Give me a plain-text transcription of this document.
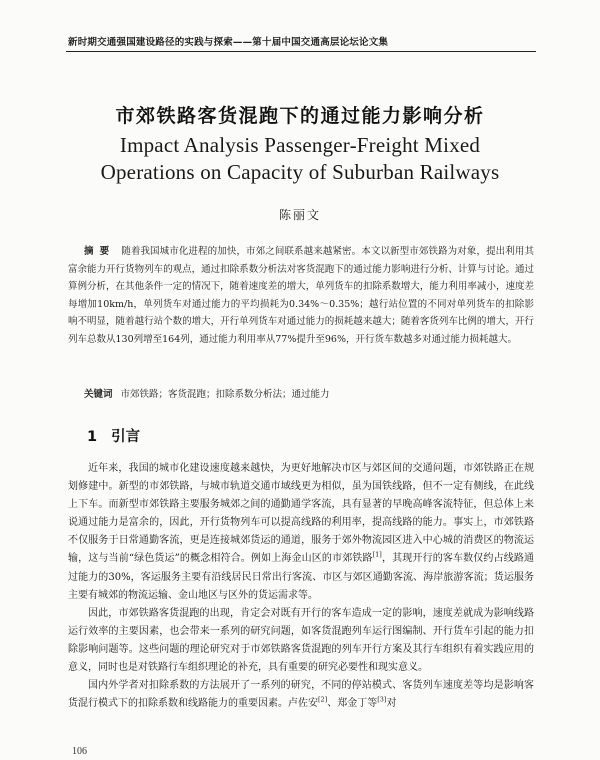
新时期交通强国建设路径的实践与探索——第十届中国交通高层论坛论文集
市郊铁路客货混跑下的通过能力影响分析
Impact Analysis Passenger-Freight Mixed
Operations on Capacity of Suburban Railways
陈丽文
摘要 随着我国城市化进程的加快，市郊之间联系越来越紧密。本文以新型市郊铁路为对象，提出利用其富余能力开行货物列车的观点，通过扣除系数分析法对客货混跑下的通过能力影响进行分析、计算与讨论。通过算例分析，在其他条件一定的情况下，随着速度差的增大，单列货车的扣除系数增大，能力利用率减小，速度差每增加10km/h，单列货车对通过能力的平均损耗为0.34%～0.35%；越行站位置的不同对单列货车的扣除影响不明显，随着越行站个数的增大，开行单列货车对通过能力的损耗越来越大；随着客货列车比例的增大，开行列车总数从130列增至164列，通过能力利用率从77%提升至96%，开行货车数越多对通过能力损耗越大。
关键词 市郊铁路；客货混跑；扣除系数分析法；通过能力
1 引言

近年来，我国的城市化建设速度越来越快，为更好地解决市区与郊区间的交通问题，市郊铁路正在规划修建中。新型的市郊铁路，与城市轨道交通市域线更为相似，虽为国铁线路，但不一定有侧线，在此线上下车。而新型市郊铁路主要服务城郊之间的通勤通学客流，具有显著的早晚高峰客流特征，但总体上来说通过能力是富余的，因此，开行货物列车可以提高线路的利用率，提高线路的能力。事实上，市郊铁路不仅服务于日常通勤客流，更是连接城郊货运的通道，服务于郊外物流园区进入中心城的消费区的物流运输，这与当前“绿色货运”的概念相符合。例如上海金山区的市郊铁路[1]，其现开行的客车数仅约占线路通过能力的30%，客运服务主要有沿线居民日常出行客流、市区与郊区通勤客流、海岸旅游客流；货运服务主要有城郊的物流运输、金山地区与区外的货运需求等。

因此，市郊铁路客货混跑的出现，肯定会对既有开行的客车造成一定的影响，速度差就成为影响线路运行效率的主要因素，也会带来一系列的研究问题，如客货混跑列车运行图编制、开行货车引起的能力扣除影响问题等。这些问题的理论研究对于市郊铁路客货混跑的列车开行方案及其行车组织有着实践应用的意义，同时也是对铁路行车组织理论的补充，具有重要的研究必要性和现实意义。

国内外学者对扣除系数的方法展开了一系列的研究，不同的停站模式、客货列车速度差等均是影响客货混行模式下的扣除系数和线路能力的重要因素。卢佐安[2]、郑金丁等[3]对

106
